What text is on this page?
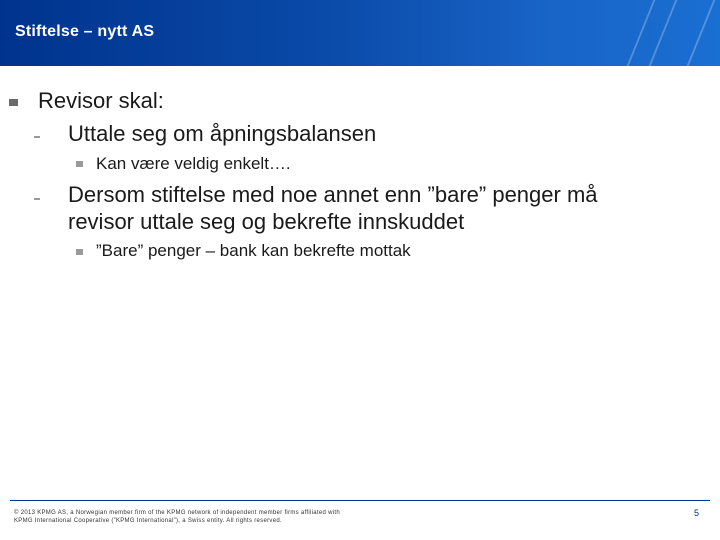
Stiftelse – nytt AS
Revisor skal:
Uttale seg om åpningsbalansen
Kan være veldig enkelt….
Dersom stiftelse med noe annet enn ”bare” penger må
revisor uttale seg og bekrefte innskuddet
”Bare” penger – bank kan bekrefte mottak
© 2013 KPMG AS, a Norwegian member firm of the KPMG network of independent member firms affiliated with
KPMG International Cooperative (”KPMG International”), a Swiss entity. All rights reserved.
5
